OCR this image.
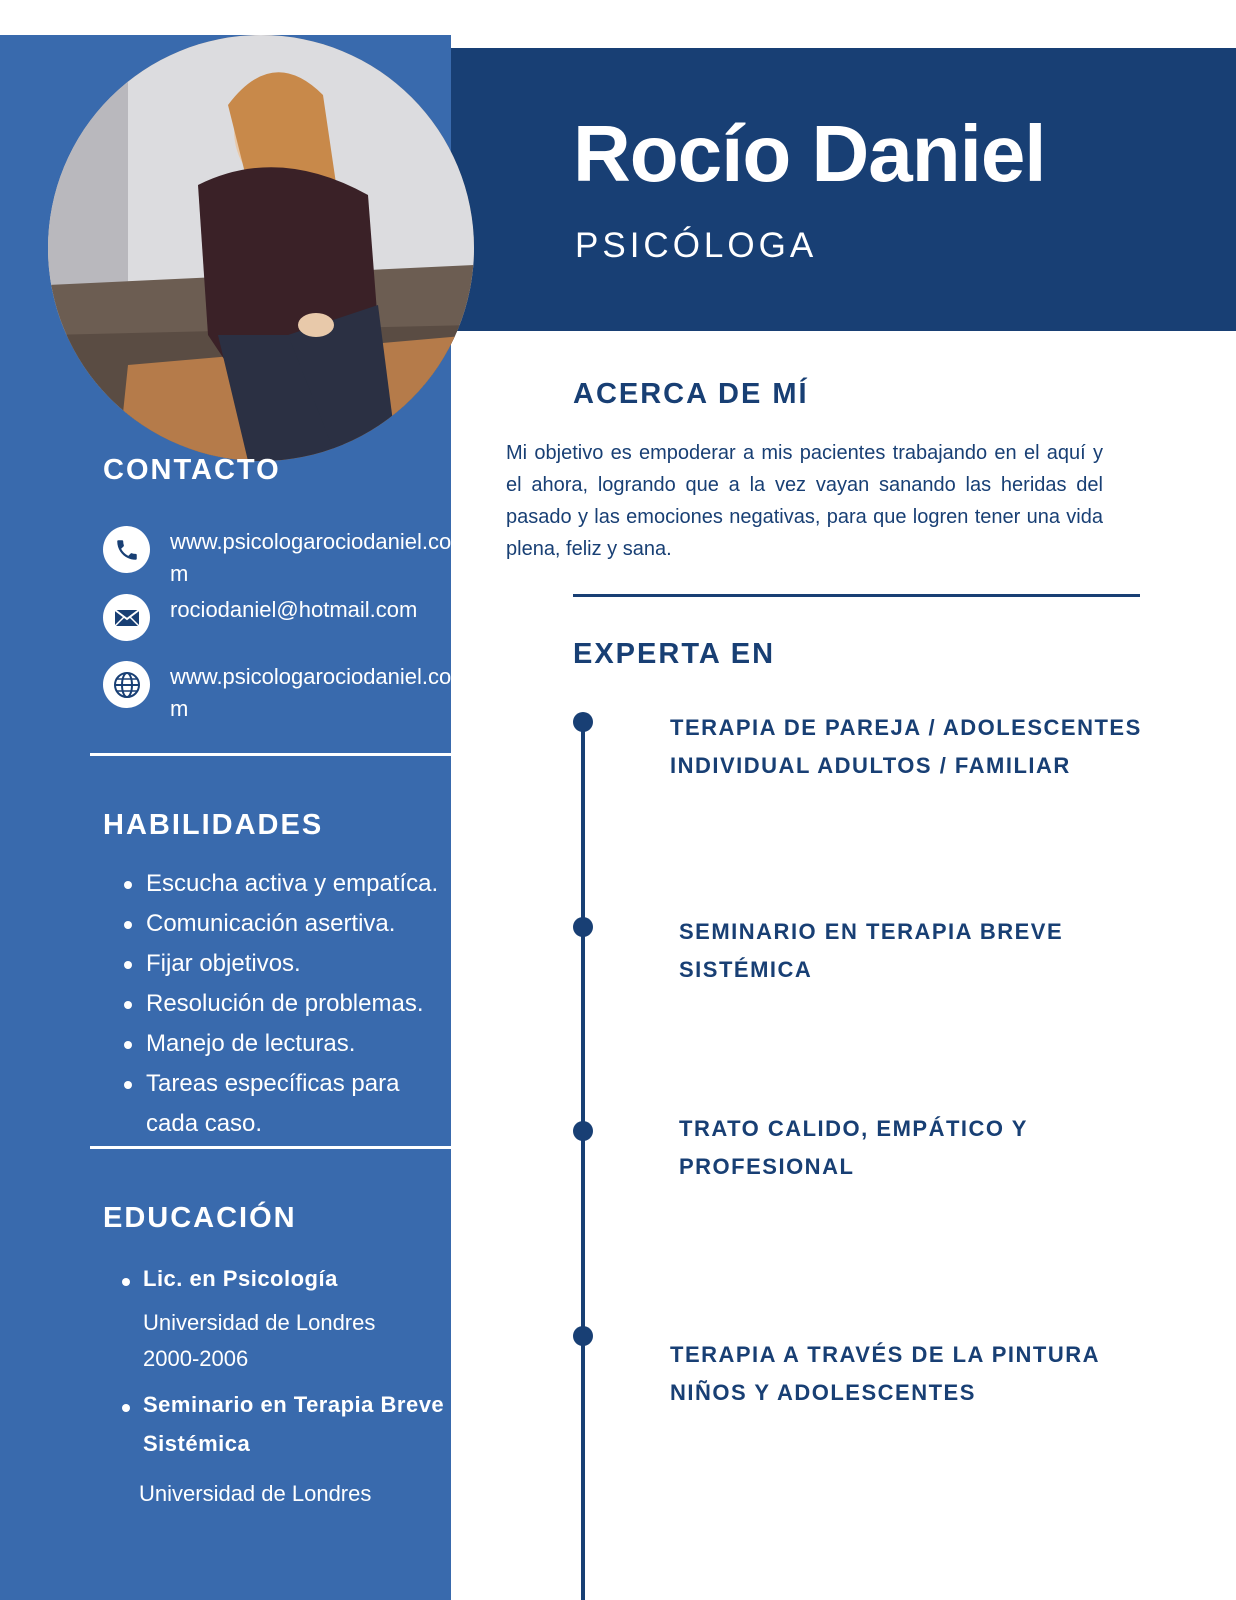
Rocío Daniel
PSICÓLOGA
CONTACTO
www.psicologarociodaniel.com
rociodaniel@hotmail.com
www.psicologarociodaniel.com
HABILIDADES
Escucha activa y empatíca.
Comunicación asertiva.
Fijar objetivos.
Resolución de problemas.
Manejo de lecturas.
Tareas específicas para cada caso.
EDUCACIÓN
Lic. en Psicología
Universidad de Londres
2000-2006
Seminario en Terapia Breve
Sistémica
Universidad de Londres
ACERCA DE MÍ

Mi objetivo es empoderar a mis pacientes trabajando en el aquí y el ahora, logrando que a la vez vayan sanando las heridas del pasado y las emociones negativas, para que logren tener una vida plena, feliz y sana.

EXPERTA EN
TERAPIA DE PAREJA / ADOLESCENTES
INDIVIDUAL ADULTOS / FAMILIAR
SEMINARIO EN TERAPIA BREVE
SISTÉMICA
TRATO CALIDO, EMPÁTICO Y
PROFESIONAL
TERAPIA A TRAVÉS DE LA PINTURA
NIÑOS Y ADOLESCENTES
